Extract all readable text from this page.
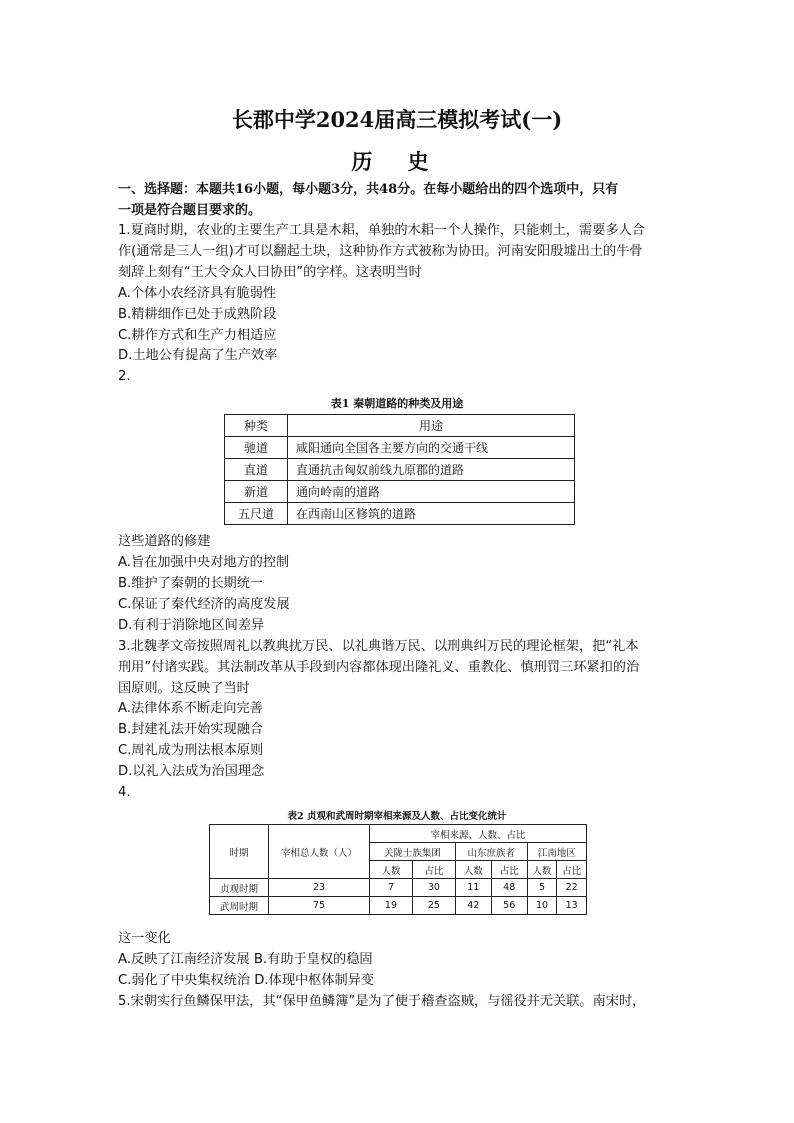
长郡中学2024届高三模拟考试(一)
历 史
一、选择题：本题共16小题，每小题3分，共48分。在每小题给出的四个选项中，只有
一项是符合题目要求的。
1.夏商时期，农业的主要生产工具是木耜，单独的木耜一个人操作，只能刺土，需要多人合
作(通常是三人一组)才可以翻起土块，这种协作方式被称为协田。河南安阳殷墟出土的牛骨
刻辞上刻有“王大令众人曰协田”的字样。这表明当时
A.个体小农经济具有脆弱性
B.精耕细作已处于成熟阶段
C.耕作方式和生产力相适应
D.土地公有提高了生产效率
2.
表1 秦朝道路的种类及用途
种类	用途
驰道	咸阳通向全国各主要方向的交通干线
直道	直通抗击匈奴前线九原郡的道路
新道	通向岭南的道路
五尺道	在西南山区修筑的道路
这些道路的修建
A.旨在加强中央对地方的控制
B.维护了秦朝的长期统一
C.保证了秦代经济的高度发展
D.有利于消除地区间差异
3.北魏孝文帝按照周礼以教典扰万民、以礼典谐万民、以刑典纠万民的理论框架，把“礼本
刑用”付诸实践。其法制改革从手段到内容都体现出隆礼义、重教化、慎刑罚三环紧扣的治
国原则。这反映了当时
A.法律体系不断走向完善
B.封建礼法开始实现融合
C.周礼成为刑法根本原则
D.以礼入法成为治国理念
4.
表2 贞观和武周时期宰相来源及人数、占比变化统计
时期	宰相总人数（人）	宰相来源、人数、占比					
		关陇士族集团		山东庶族者		江南地区	
		人数	占比	人数	占比	人数	占比
贞观时期	23	7	30	11	48	5	22
武周时期	75	19	25	42	56	10	13
这一变化
A.反映了江南经济发展 B.有助于皇权的稳固
C.弱化了中央集权统治 D.体现中枢体制异变
5.宋朝实行鱼鳞保甲法，其“保甲鱼鳞簿”是为了便于稽查盗贼，与徭役并无关联。南宋时，
